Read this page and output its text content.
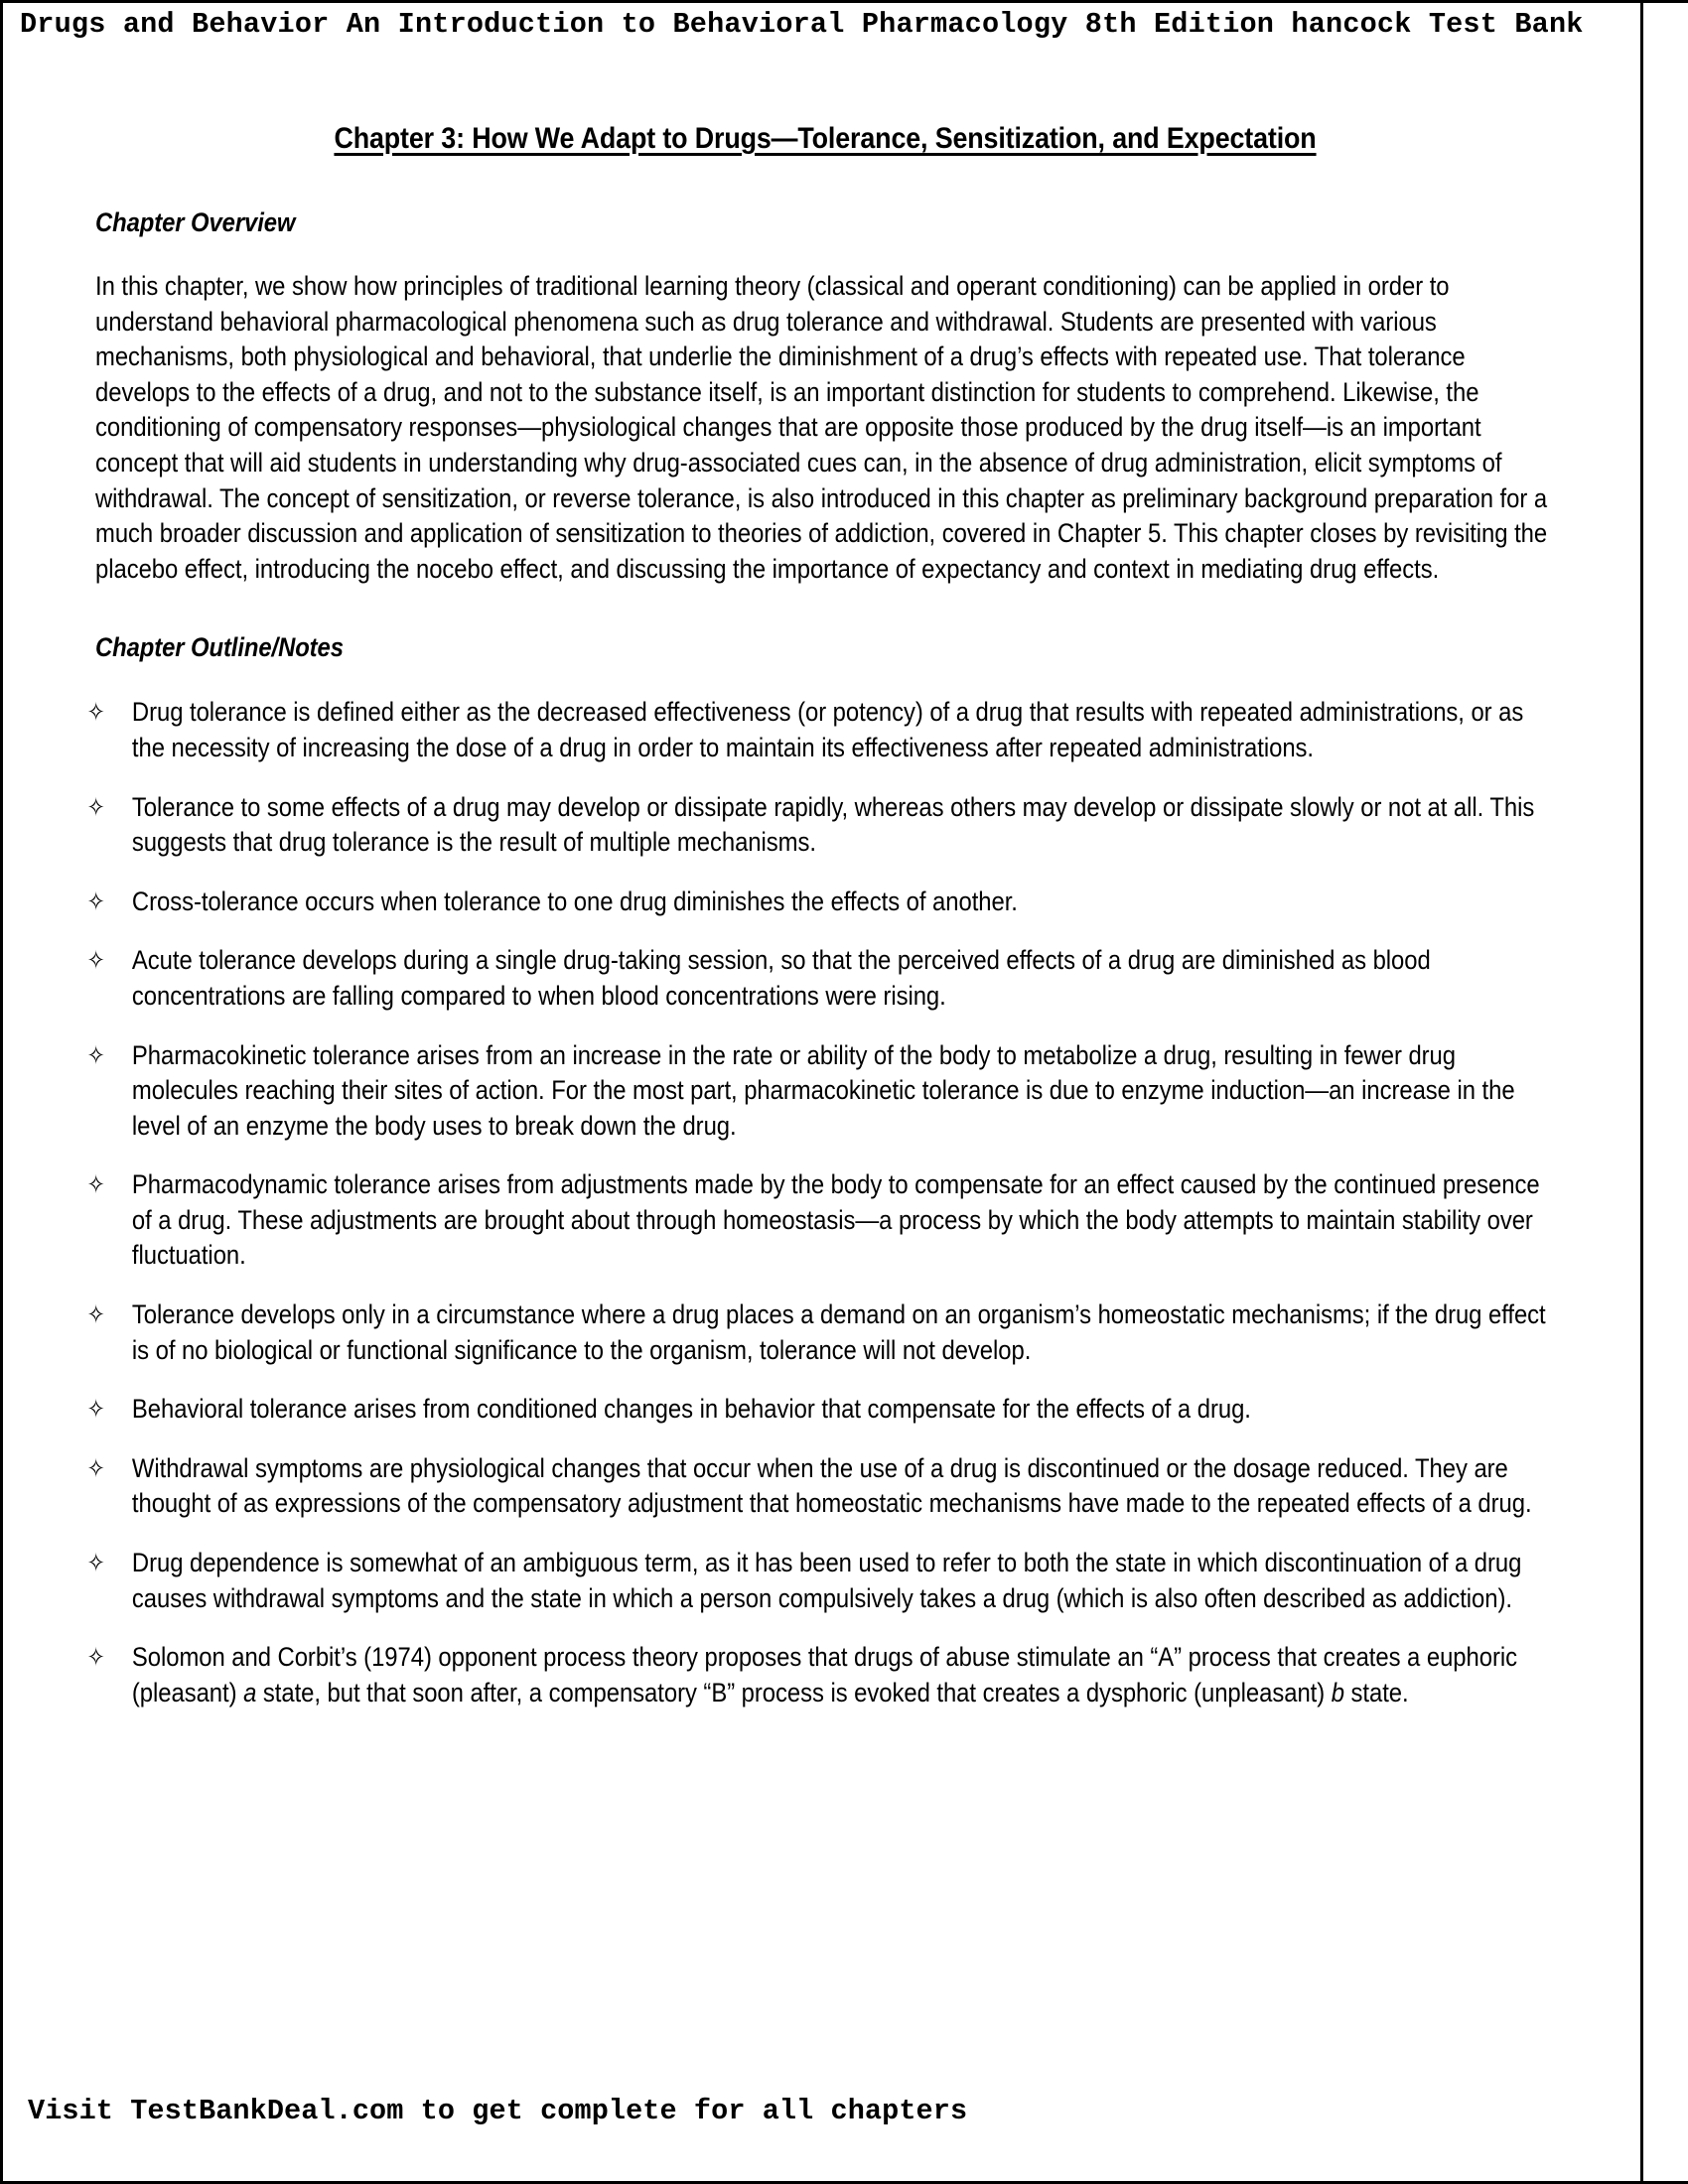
Drugs and Behavior An Introduction to Behavioral Pharmacology 8th Edition hancock Test Bank
Chapter 3: How We Adapt to Drugs—Tolerance, Sensitization, and Expectation
Chapter Overview

In this chapter, we show how principles of traditional learning theory (classical and operant conditioning) can be applied in order to understand behavioral pharmacological phenomena such as drug tolerance and withdrawal. Students are presented with various mechanisms, both physiological and behavioral, that underlie the diminishment of a drug’s effects with repeated use. That tolerance develops to the effects of a drug, and not to the substance itself, is an important distinction for students to comprehend. Likewise, the conditioning of compensatory responses—physiological changes that are opposite those produced by the drug itself—is an important concept that will aid students in understanding why drug-associated cues can, in the absence of drug administration, elicit symptoms of withdrawal. The concept of sensitization, or reverse tolerance, is also introduced in this chapter as preliminary background preparation for a much broader discussion and application of sensitization to theories of addiction, covered in Chapter 5. This chapter closes by revisiting the placebo effect, introducing the nocebo effect, and discussing the importance of expectancy and context in mediating drug effects.

Chapter Outline/Notes
✧	Drug tolerance is defined either as the decreased effectiveness (or potency) of a drug that results with repeated administrations, or as the necessity of increasing the dose of a drug in order to maintain its effectiveness after repeated administrations.
✧	Tolerance to some effects of a drug may develop or dissipate rapidly, whereas others may develop or dissipate slowly or not at all. This suggests that drug tolerance is the result of multiple mechanisms.
✧	Cross-tolerance occurs when tolerance to one drug diminishes the effects of another.
✧	Acute tolerance develops during a single drug-taking session, so that the perceived effects of a drug are diminished as blood concentrations are falling compared to when blood concentrations were rising.
✧	Pharmacokinetic tolerance arises from an increase in the rate or ability of the body to metabolize a drug, resulting in fewer drug molecules reaching their sites of action. For the most part, pharmacokinetic tolerance is due to enzyme induction—an increase in the level of an enzyme the body uses to break down the drug.
✧	Pharmacodynamic tolerance arises from adjustments made by the body to compensate for an effect caused by the continued presence of a drug. These adjustments are brought about through homeostasis—a process by which the body attempts to maintain stability over fluctuation.
✧	Tolerance develops only in a circumstance where a drug places a demand on an organism’s homeostatic mechanisms; if the drug effect is of no biological or functional significance to the organism, tolerance will not develop.
✧	Behavioral tolerance arises from conditioned changes in behavior that compensate for the effects of a drug.
✧	Withdrawal symptoms are physiological changes that occur when the use of a drug is discontinued or the dosage reduced. They are thought of as expressions of the compensatory adjustment that homeostatic mechanisms have made to the repeated effects of a drug.
✧	Drug dependence is somewhat of an ambiguous term, as it has been used to refer to both the state in which discontinuation of a drug causes withdrawal symptoms and the state in which a person compulsively takes a drug (which is also often described as addiction).
✧	Solomon and Corbit’s (1974) opponent process theory proposes that drugs of abuse stimulate an “A” process that creates a euphoric (pleasant) a state, but that soon after, a compensatory “B” process is evoked that creates a dysphoric (unpleasant) b state.
Visit TestBankDeal.com to get complete for all chapters
